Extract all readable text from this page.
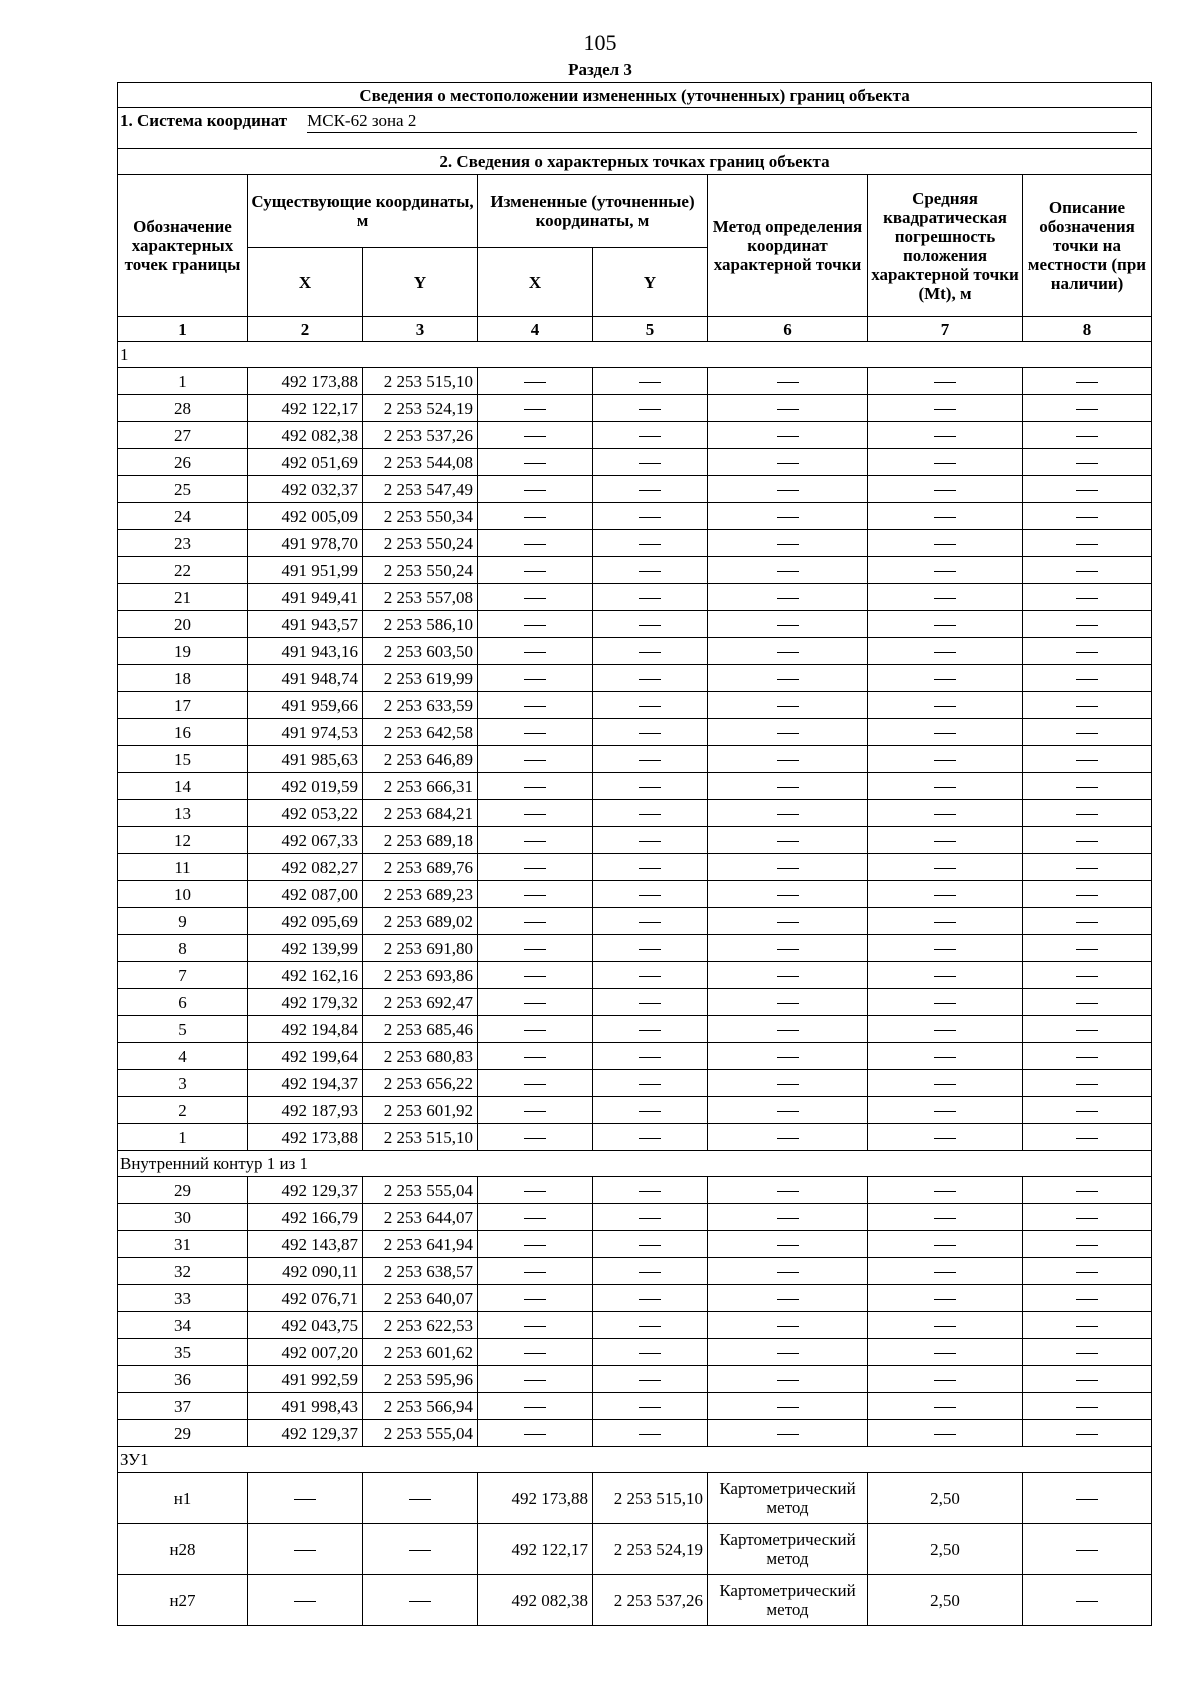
105
Раздел 3
Сведения о местоположении измененных (уточненных) границ объекта							

1. Система координат МСК-62 зона 2							

2. Сведения о характерных точках границ объекта							
Обозначение характерных точек границы	Существующие координаты, м		Измененные (уточненные) координаты, м		Метод определения координат характерной точки	Средняя квадратическая погрешность положения характерной точки (Mt), м	Описание обозначения точки на местности (при наличии)
	X	Y	X	Y			
1	2	3	4	5	6	7	8
1							
1	492 173,88	2 253 515,10					
28	492 122,17	2 253 524,19					
27	492 082,38	2 253 537,26					
26	492 051,69	2 253 544,08					
25	492 032,37	2 253 547,49					
24	492 005,09	2 253 550,34					
23	491 978,70	2 253 550,24					
22	491 951,99	2 253 550,24					
21	491 949,41	2 253 557,08					
20	491 943,57	2 253 586,10					
19	491 943,16	2 253 603,50					
18	491 948,74	2 253 619,99					
17	491 959,66	2 253 633,59					
16	491 974,53	2 253 642,58					
15	491 985,63	2 253 646,89					
14	492 019,59	2 253 666,31					
13	492 053,22	2 253 684,21					
12	492 067,33	2 253 689,18					
11	492 082,27	2 253 689,76					
10	492 087,00	2 253 689,23					
9	492 095,69	2 253 689,02					
8	492 139,99	2 253 691,80					
7	492 162,16	2 253 693,86					
6	492 179,32	2 253 692,47					
5	492 194,84	2 253 685,46					
4	492 199,64	2 253 680,83					
3	492 194,37	2 253 656,22					
2	492 187,93	2 253 601,92					
1	492 173,88	2 253 515,10					
Внутренний контур 1 из 1							
29	492 129,37	2 253 555,04					
30	492 166,79	2 253 644,07					
31	492 143,87	2 253 641,94					
32	492 090,11	2 253 638,57					
33	492 076,71	2 253 640,07					
34	492 043,75	2 253 622,53					
35	492 007,20	2 253 601,62					
36	491 992,59	2 253 595,96					
37	491 998,43	2 253 566,94					
29	492 129,37	2 253 555,04					
ЗУ1							
н1			492 173,88	2 253 515,10	Картометрический метод	2,50	
н28			492 122,17	2 253 524,19	Картометрический метод	2,50	
н27			492 082,38	2 253 537,26	Картометрический метод	2,50	
